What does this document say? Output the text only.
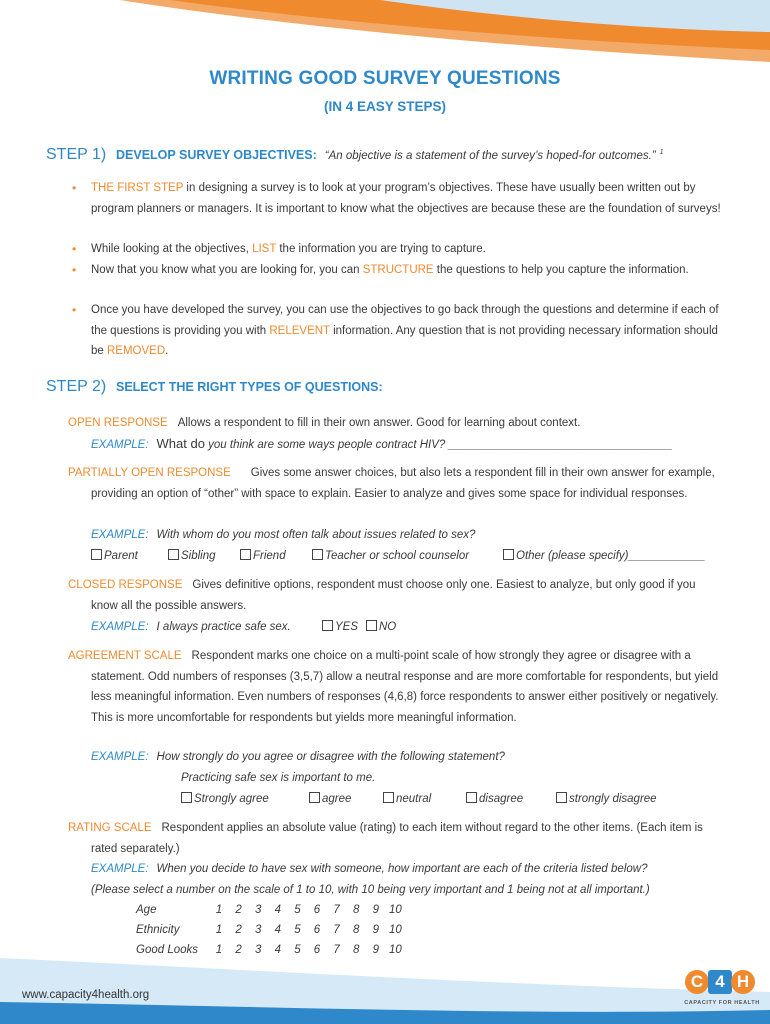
WRITING GOOD SURVEY QUESTIONS
(IN 4 EASY STEPS)
STEP 1) DEVELOP SURVEY OBJECTIVES: “An objective is a statement of the survey’s hoped-for outcomes.” $^1$
• THE FIRST STEP in designing a survey is to look at your program’s objectives. These have usually been written out by program planners or managers. It is important to know what the objectives are because these are the foundation of surveys!
• While looking at the objectives, LIST the information you are trying to capture.
• Now that you know what you are looking for, you can STRUCTURE the questions to help you capture the information.
• Once you have developed the survey, you can use the objectives to go back through the questions and determine if each of the questions is providing you with RELEVENT information. Any question that is not providing necessary information should be REMOVED.
STEP 2) SELECT THE RIGHT TYPES OF QUESTIONS:
OPEN RESPONSE Allows a respondent to fill in their own answer. Good for learning about context.
EXAMPLE: What do you think are some ways people contract HIV? ___________________________________
PARTIALLY OPEN RESPONSE Gives some answer choices, but also lets a respondent fill in their own answer for example, providing an option of “other” with space to explain. Easier to analyze and gives some space for individual responses.
EXAMPLE: With whom do you most often talk about issues related to sex?
Parent	Sibling	Friend	Teacher or school counselor	Other (please specify)____________
CLOSED RESPONSE Gives definitive options, respondent must choose only one. Easiest to analyze, but only good if you know all the possible answers.
EXAMPLE: I always practice safe sex.	YES	NO
AGREEMENT SCALE Respondent marks one choice on a multi-point scale of how strongly they agree or disagree with a statement. Odd numbers of responses (3,5,7) allow a neutral response and are more comfortable for respondents, but yield less meaningful information. Even numbers of responses (4,6,8) force respondents to answer either positively or negatively. This is more uncomfortable for respondents but yields more meaningful information.
EXAMPLE: How strongly do you agree or disagree with the following statement?
Practicing safe sex is important to me.
Strongly agree	agree	neutral	disagree	strongly disagree
RATING SCALE Respondent applies an absolute value (rating) to each item without regard to the other items. (Each item is rated separately.)
EXAMPLE: When you decide to have sex with someone, how important are each of the criteria listed below?
(Please select a number on the scale of 1 to 10, with 10 being very important and 1 being not at all important.)
Age	1	2	3	4	5	6	7	8	9 10
Ethnicity	1	2	3	4	5	6	7	8	9 10
Good Looks	1	2	3	4	5	6	7	8	9 10
www.capacity4health.org
C 4 H
CAPACITY FOR HEALTH
